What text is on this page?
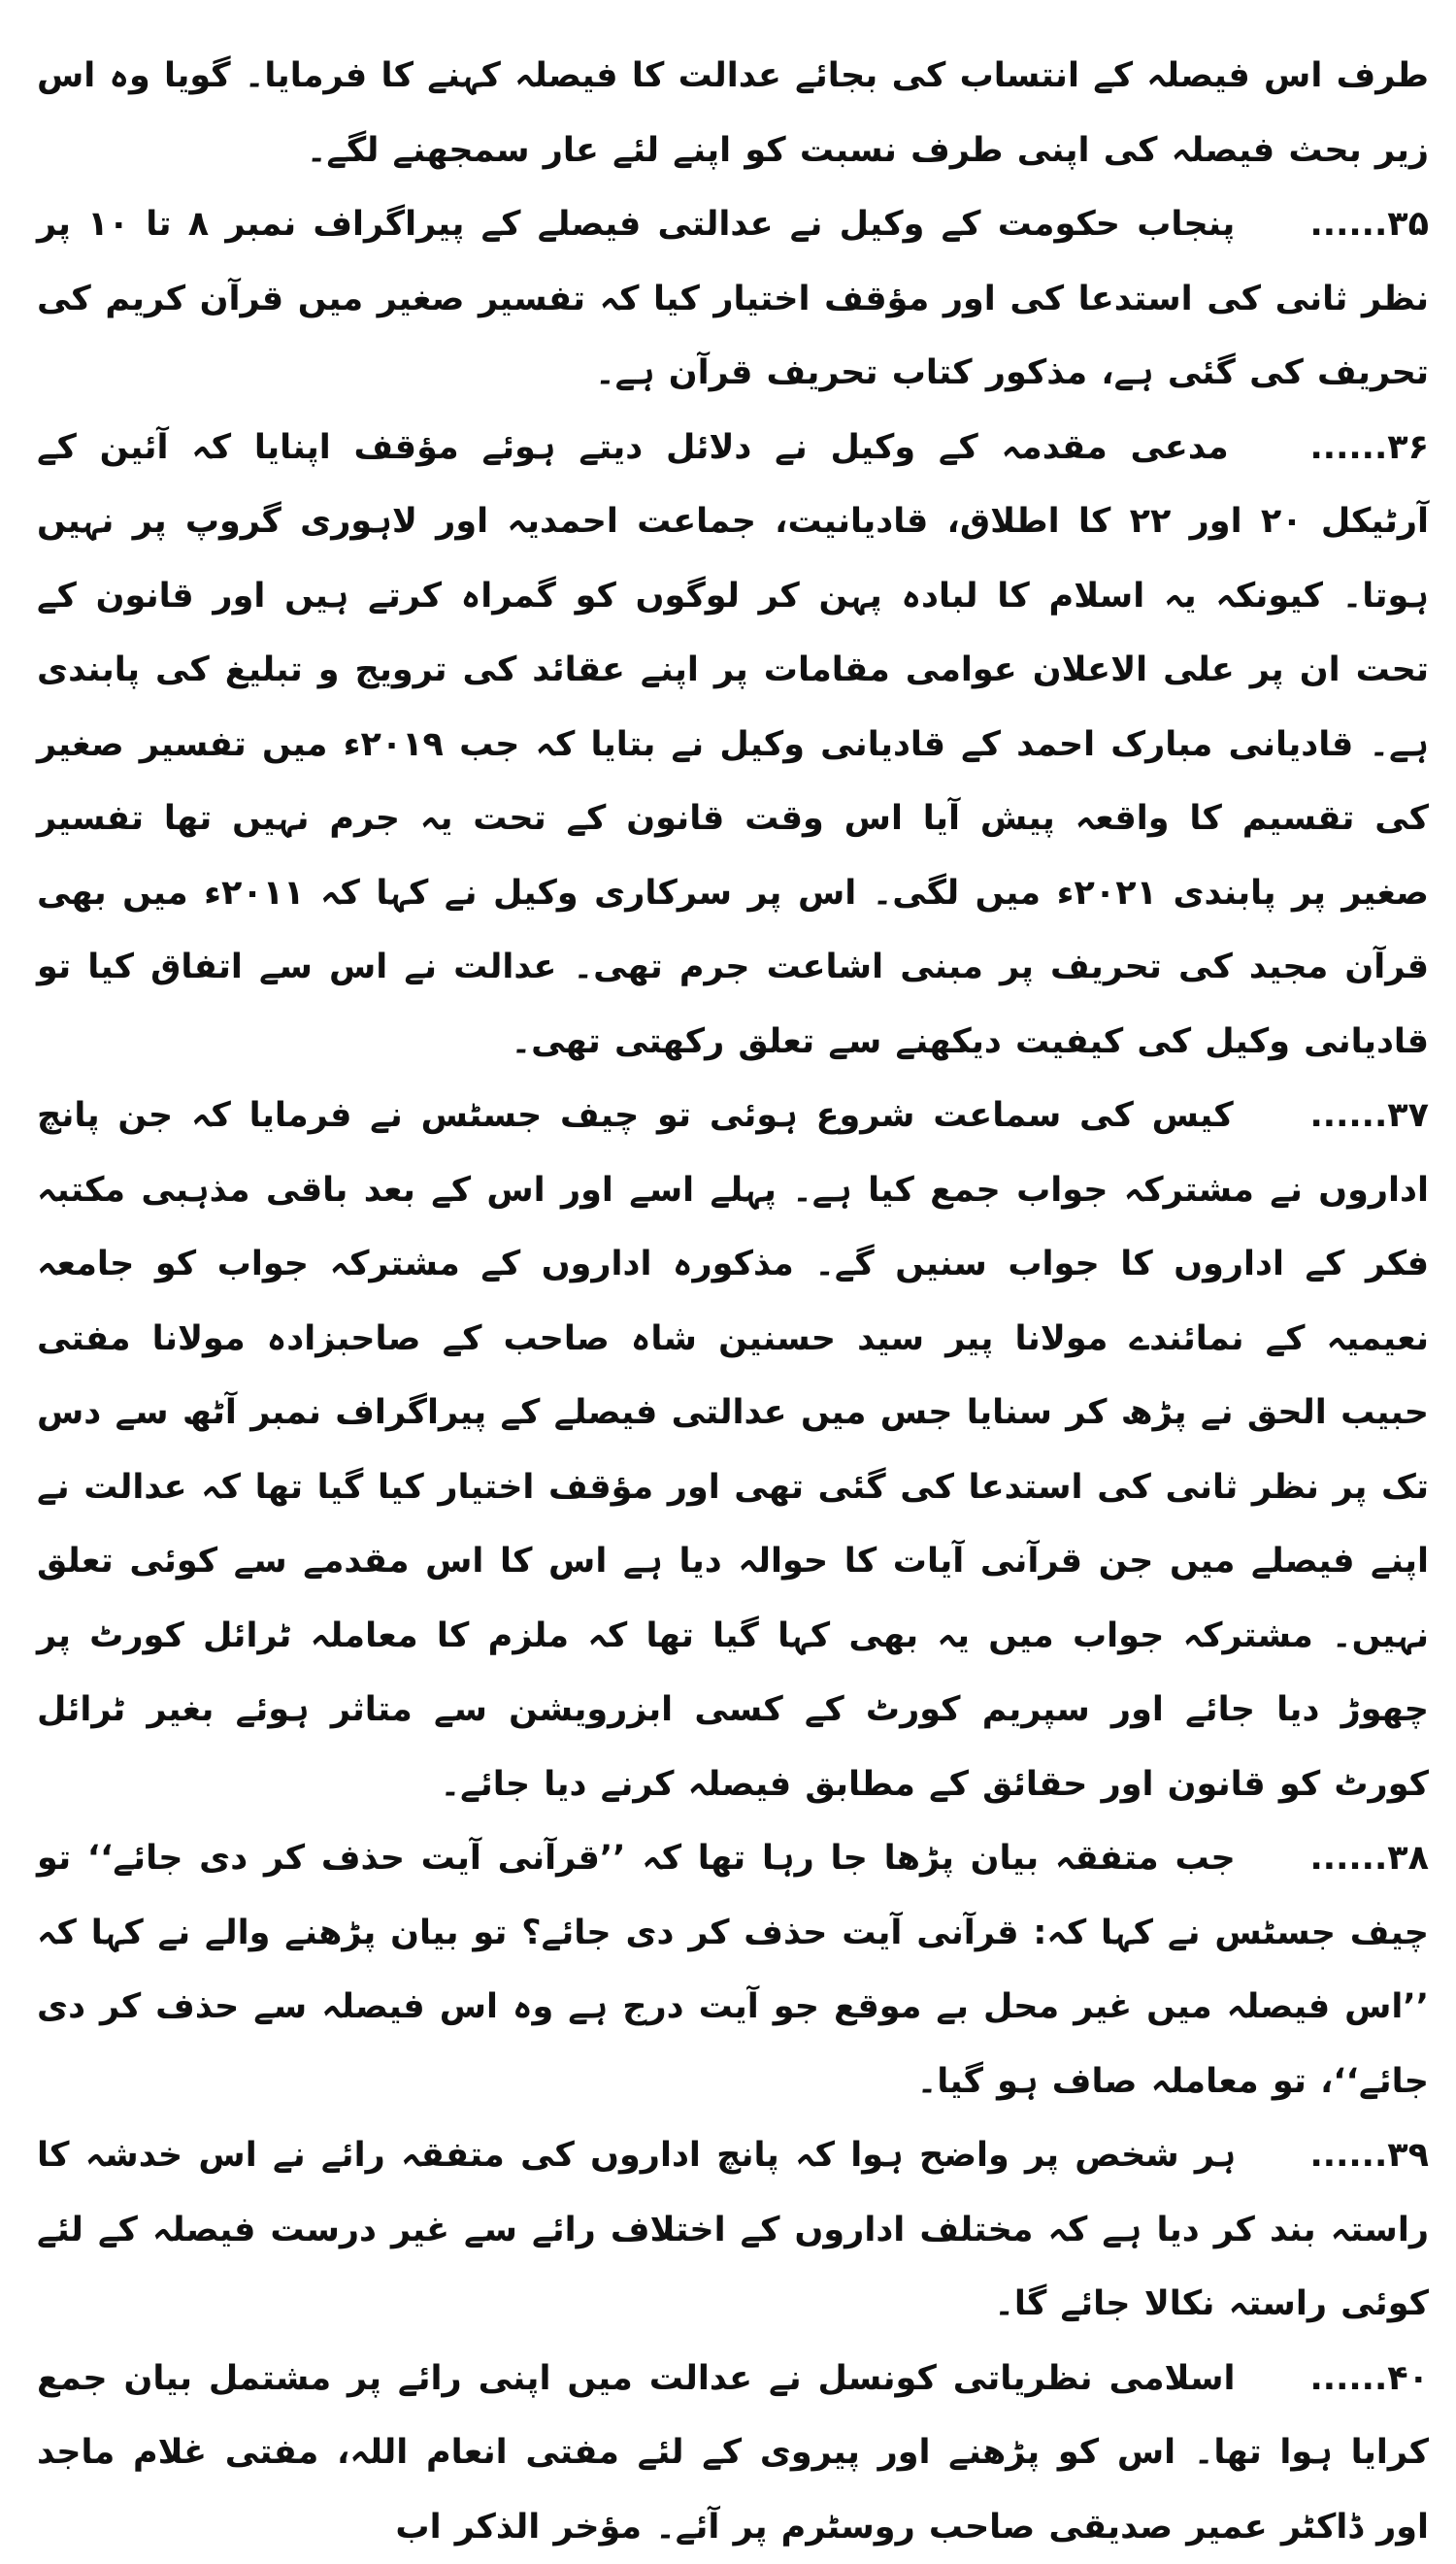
طرف اس فیصلہ کے انتساب کی بجائے عدالت کا فیصلہ کہنے کا فرمایا۔ گویا وہ اس زیر بحث فیصلہ کی اپنی طرف نسبت کو اپنے لئے عار سمجھنے لگے۔

۳۵...... پنجاب حکومت کے وکیل نے عدالتی فیصلے کے پیراگراف نمبر ۸ تا ۱۰ پر نظر ثانی کی استدعا کی اور مؤقف اختیار کیا کہ تفسیر صغیر میں قرآن کریم کی تحریف کی گئی ہے، مذکور کتاب تحریف قرآن ہے۔

۳۶...... مدعی مقدمہ کے وکیل نے دلائل دیتے ہوئے مؤقف اپنایا کہ آئین کے آرٹیکل ۲۰ اور ۲۲ کا اطلاق، قادیانیت، جماعت احمدیہ اور لاہوری گروپ پر نہیں ہوتا۔ کیونکہ یہ اسلام کا لبادہ پہن کر لوگوں کو گمراہ کرتے ہیں اور قانون کے تحت ان پر علی الاعلان عوامی مقامات پر اپنے عقائد کی ترویج و تبلیغ کی پابندی ہے۔ قادیانی مبارک احمد کے قادیانی وکیل نے بتایا کہ جب ۲۰۱۹ء میں تفسیر صغیر کی تقسیم کا واقعہ پیش آیا اس وقت قانون کے تحت یہ جرم نہیں تھا تفسیر صغیر پر پابندی ۲۰۲۱ء میں لگی۔ اس پر سرکاری وکیل نے کہا کہ ۲۰۱۱ء میں بھی قرآن مجید کی تحریف پر مبنی اشاعت جرم تھی۔ عدالت نے اس سے اتفاق کیا تو قادیانی وکیل کی کیفیت دیکھنے سے تعلق رکھتی تھی۔

۳۷...... کیس کی سماعت شروع ہوئی تو چیف جسٹس نے فرمایا کہ جن پانچ اداروں نے مشترکہ جواب جمع کیا ہے۔ پہلے اسے اور اس کے بعد باقی مذہبی مکتبہ فکر کے اداروں کا جواب سنیں گے۔ مذکورہ اداروں کے مشترکہ جواب کو جامعہ نعیمیہ کے نمائندے مولانا پیر سید حسنین شاہ صاحب کے صاحبزادہ مولانا مفتی حبیب الحق نے پڑھ کر سنایا جس میں عدالتی فیصلے کے پیراگراف نمبر آٹھ سے دس تک پر نظر ثانی کی استدعا کی گئی تھی اور مؤقف اختیار کیا گیا تھا کہ عدالت نے اپنے فیصلے میں جن قرآنی آیات کا حوالہ دیا ہے اس کا اس مقدمے سے کوئی تعلق نہیں۔ مشترکہ جواب میں یہ بھی کہا گیا تھا کہ ملزم کا معاملہ ٹرائل کورٹ پر چھوڑ دیا جائے اور سپریم کورٹ کے کسی ابزرویشن سے متاثر ہوئے بغیر ٹرائل کورٹ کو قانون اور حقائق کے مطابق فیصلہ کرنے دیا جائے۔

۳۸...... جب متفقہ بیان پڑھا جا رہا تھا کہ ’’قرآنی آیت حذف کر دی جائے‘‘ تو چیف جسٹس نے کہا کہ: قرآنی آیت حذف کر دی جائے؟ تو بیان پڑھنے والے نے کہا کہ ’’اس فیصلہ میں غیر محل بے موقع جو آیت درج ہے وہ اس فیصلہ سے حذف کر دی جائے‘‘، تو معاملہ صاف ہو گیا۔

۳۹...... ہر شخص پر واضح ہوا کہ پانچ اداروں کی متفقہ رائے نے اس خدشہ کا راستہ بند کر دیا ہے کہ مختلف اداروں کے اختلاف رائے سے غیر درست فیصلہ کے لئے کوئی راستہ نکالا جائے گا۔

۴۰...... اسلامی نظریاتی کونسل نے عدالت میں اپنی رائے پر مشتمل بیان جمع کرایا ہوا تھا۔ اس کو پڑھنے اور پیروی کے لئے مفتی انعام اللہ، مفتی غلام ماجد اور ڈاکٹر عمیر صدیقی صاحب روسٹرم پر آئے۔ مؤخر الذکر اب
